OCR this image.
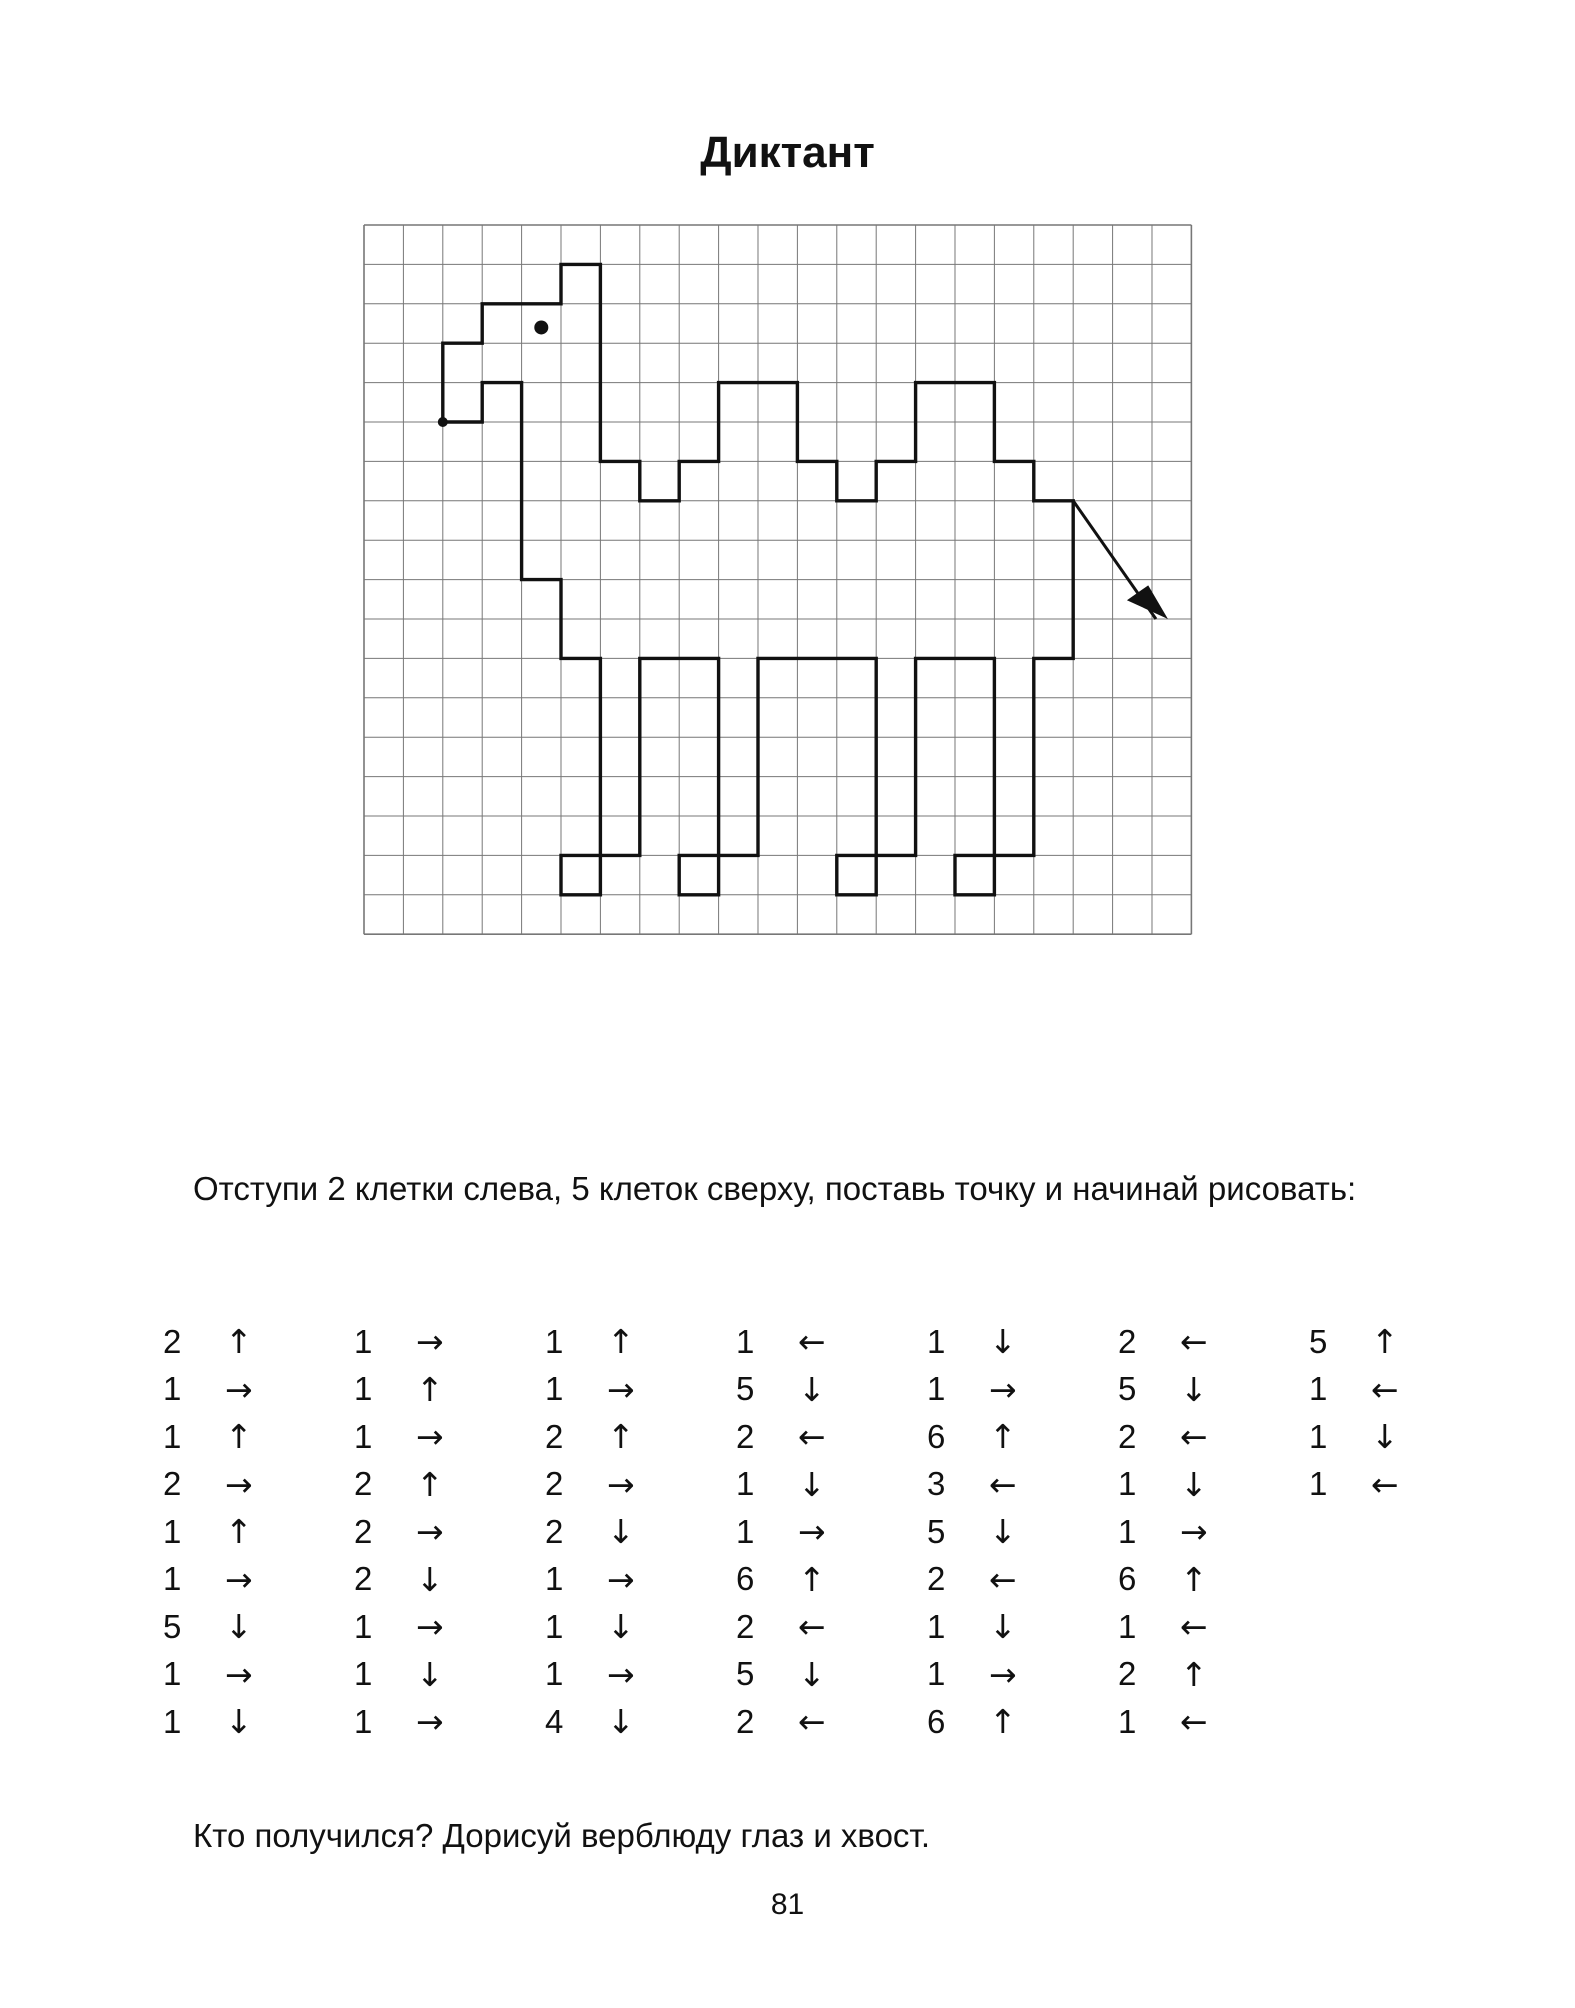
Диктант

Отступи 2 клетки слева, 5 клеток сверху, поставь точку и начинай рисовать:

2	↑
1	→
1	↑
2	→
1	↑
1	→
5	↓
1	→
1	↓
1	→
1	↑
1	→
2	↑
2	→
2	↓
1	→
1	↓
1	→
1	↑
1	→
2	↑
2	→
2	↓
1	→
1	↓
1	→
4	↓
1	←
5	↓
2	←
1	↓
1	→
6	↑
2	←
5	↓
2	←
1	↓
1	→
6	↑
3	←
5	↓
2	←
1	↓
1	→
6	↑
2	←
5	↓
2	←
1	↓
1	→
6	↑
1	←
2	↑
1	←
5	↑
1	←
1	↓
1	←

Кто получился? Дорисуй верблюду глаз и хвост.

81
